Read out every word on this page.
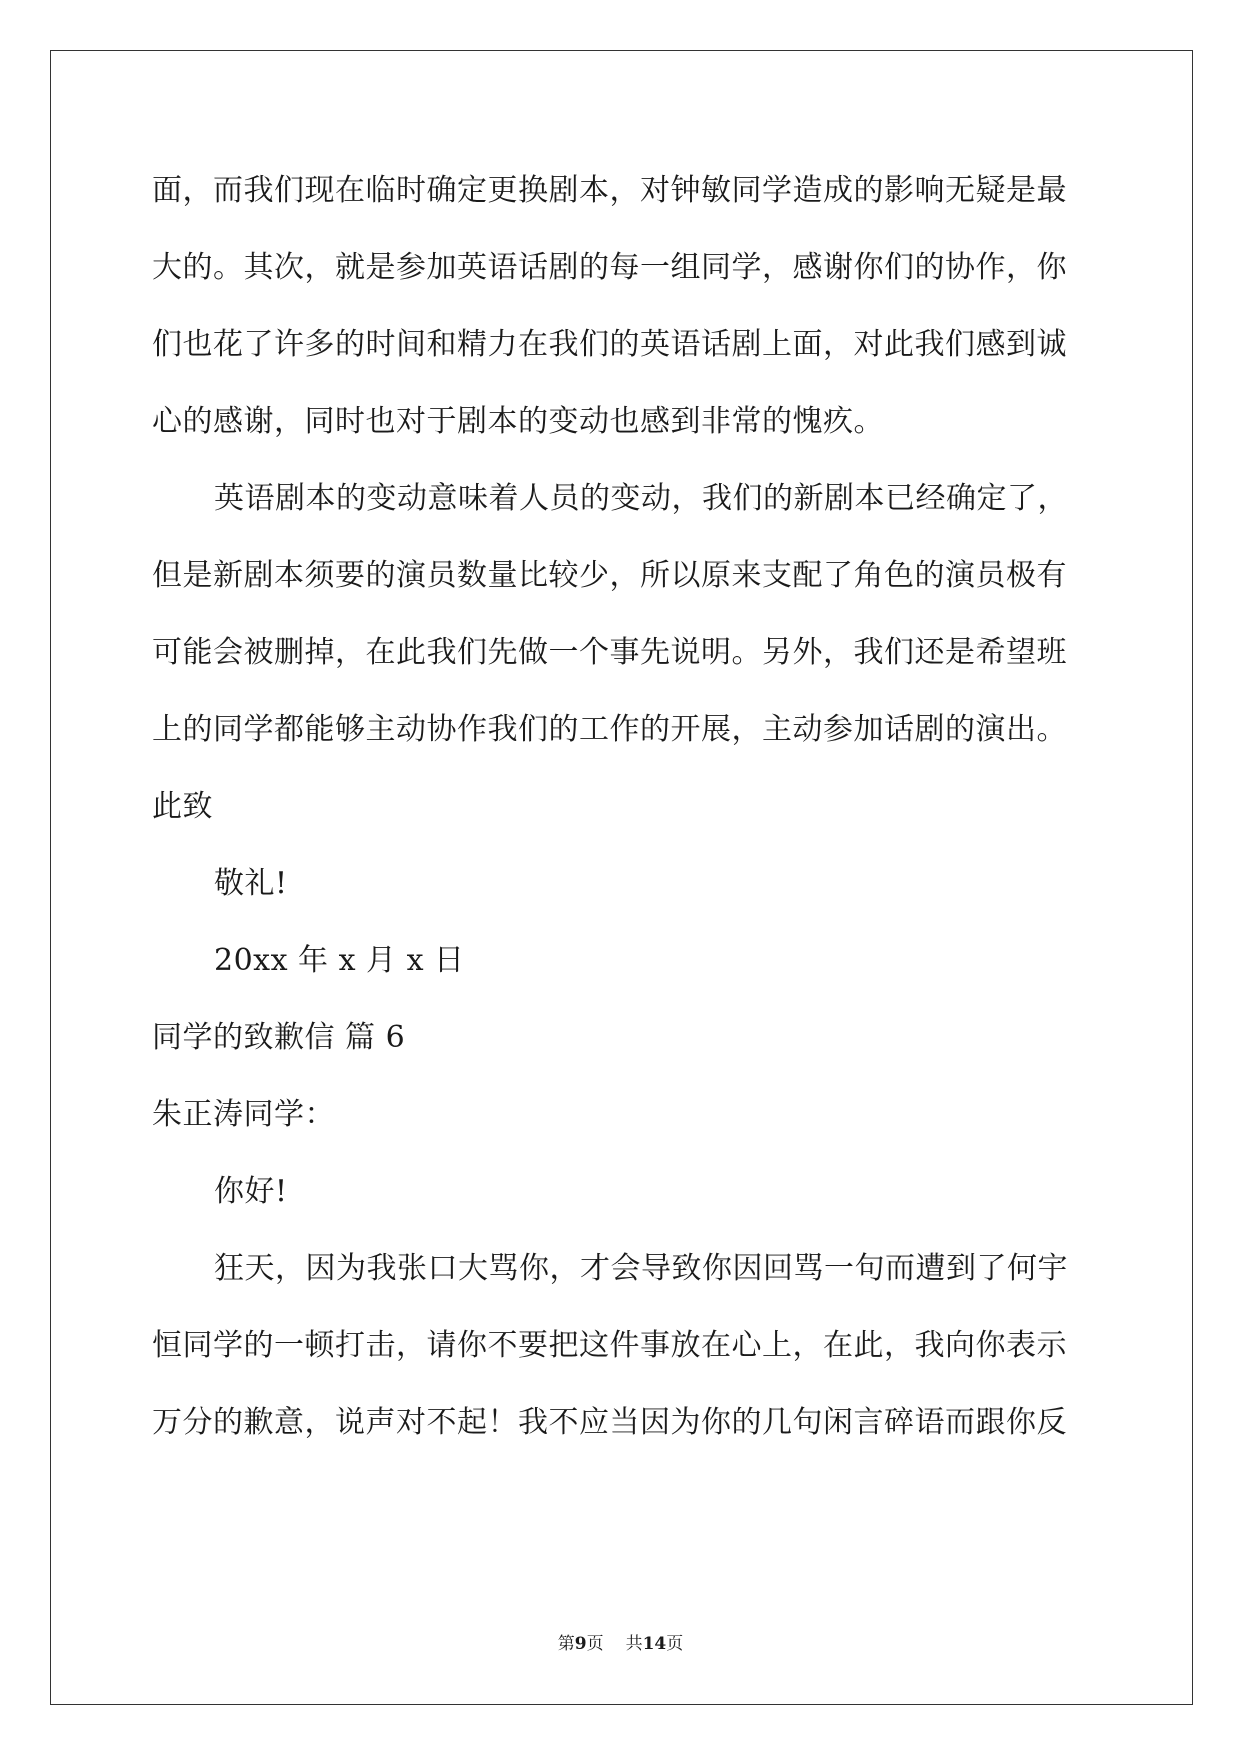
面，而我们现在临时确定更换剧本，对钟敏同学造成的影响无疑是最
大的。其次，就是参加英语话剧的每一组同学，感谢你们的协作，你
们也花了许多的时间和精力在我们的英语话剧上面，对此我们感到诚
心的感谢，同时也对于剧本的变动也感到非常的愧疚。
英语剧本的变动意味着人员的变动，我们的新剧本已经确定了，
但是新剧本须要的演员数量比较少，所以原来支配了角色的演员极有
可能会被删掉，在此我们先做一个事先说明。另外，我们还是希望班
上的同学都能够主动协作我们的工作的开展，主动参加话剧的演出。
此致
敬礼!
20xx 年 x 月 x 日
同学的致歉信 篇 6
朱正涛同学：
你好!
狂天，因为我张口大骂你，才会导致你因回骂一句而遭到了何宇
恒同学的一顿打击，请你不要把这件事放在心上，在此，我向你表示
万分的歉意，说声对不起！我不应当因为你的几句闲言碎语而跟你反
第9页 共14页
